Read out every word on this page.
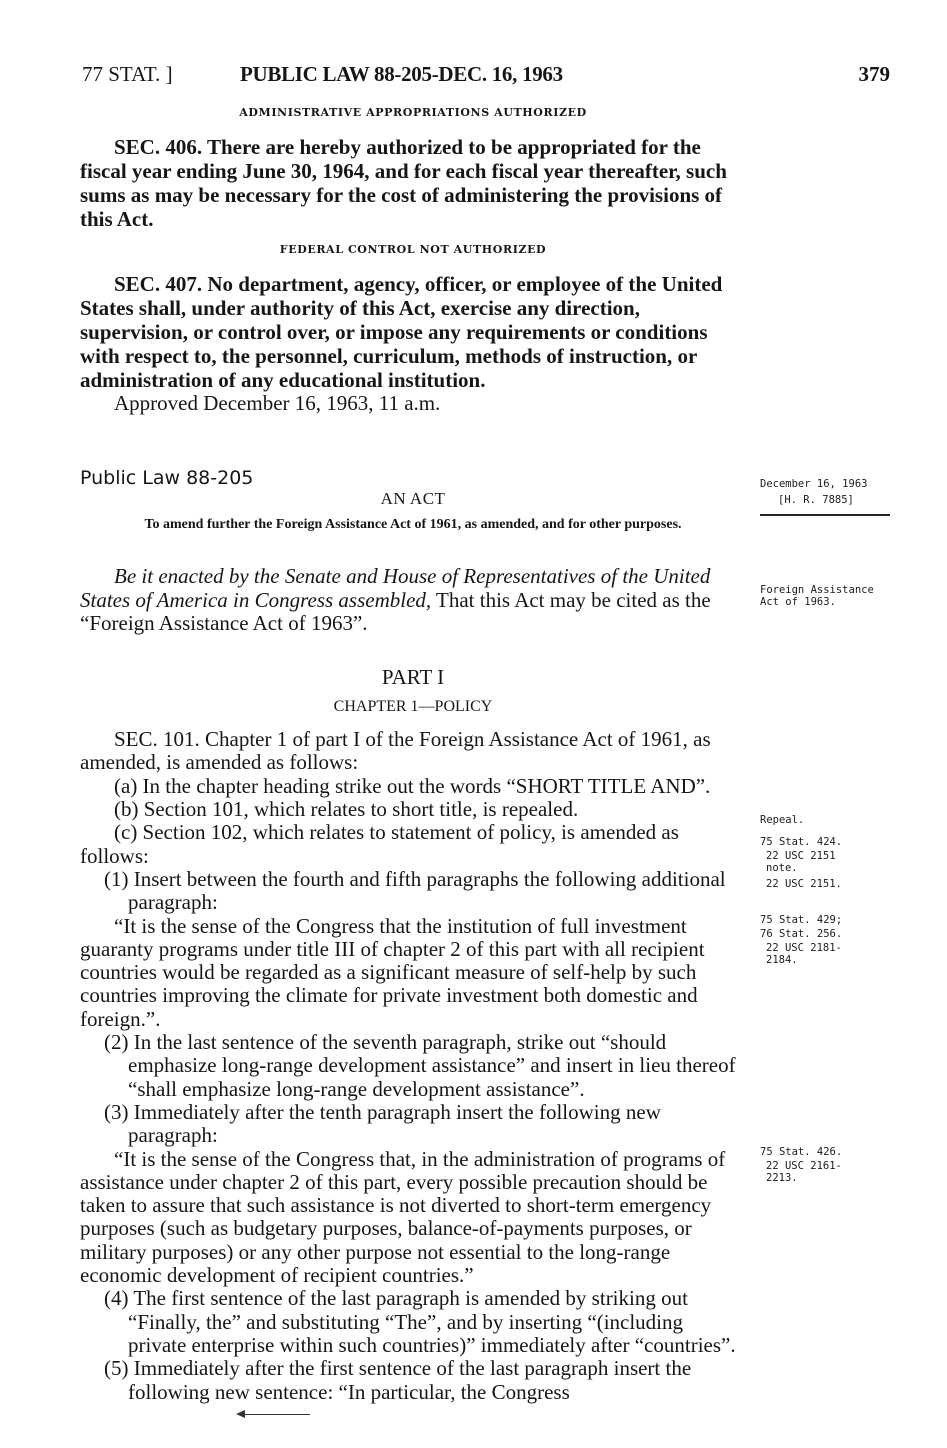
77 STAT. ]	PUBLIC LAW 88-205-DEC. 16, 1963	379

ADMINISTRATIVE APPROPRIATIONS AUTHORIZED

SEC. 406. There are hereby authorized to be appropriated for the fiscal year ending June 30, 1964, and for each fiscal year thereafter, such sums as may be necessary for the cost of administering the provisions of this Act.

FEDERAL CONTROL NOT AUTHORIZED

SEC. 407. No department, agency, officer, or employee of the United States shall, under authority of this Act, exercise any direction, supervision, or control over, or impose any requirements or conditions with respect to, the personnel, curriculum, methods of instruction, or administration of any educational institution.

Approved December 16, 1963, 11 a.m.

Public Law 88-205

AN ACT

To amend further the Foreign Assistance Act of 1961, as amended, and for other purposes.

Be it enacted by the Senate and House of Representatives of the United States of America in Congress assembled, That this Act may be cited as the “Foreign Assistance Act of 1963”.

PART I

CHAPTER 1—POLICY

SEC. 101. Chapter 1 of part I of the Foreign Assistance Act of 1961, as amended, is amended as follows:

(a) In the chapter heading strike out the words “SHORT TITLE AND”.

(b) Section 101, which relates to short title, is repealed.

(c) Section 102, which relates to statement of policy, is amended as follows:

(1) Insert between the fourth and fifth paragraphs the following additional paragraph:

“It is the sense of the Congress that the institution of full investment guaranty programs under title III of chapter 2 of this part with all recipient countries would be regarded as a significant measure of self-help by such countries improving the climate for private investment both domestic and foreign.”.

(2) In the last sentence of the seventh paragraph, strike out “should emphasize long-range development assistance” and insert in lieu thereof “shall emphasize long-range development assistance”.

(3) Immediately after the tenth paragraph insert the following new paragraph:

“It is the sense of the Congress that, in the administration of programs of assistance under chapter 2 of this part, every possible precaution should be taken to assure that such assistance is not diverted to short-term emergency purposes (such as budgetary purposes, balance-of-payments purposes, or military purposes) or any other purpose not essential to the long-range economic development of recipient countries.”

(4) The first sentence of the last paragraph is amended by striking out “Finally, the” and substituting “The”, and by inserting “(including private enterprise within such countries)” immediately after “countries”.

(5) Immediately after the first sentence of the last paragraph insert the following new sentence: “In particular, the Congress

December 16, 1963
[H. R. 7885]
Foreign Assistance Act of 1963.
Repeal.
75 Stat. 424.
22 USC 2151 note.
22 USC 2151.
75 Stat. 429;
76 Stat. 256.
22 USC 2181-2184.
75 Stat. 426.
22 USC 2161-2213.
